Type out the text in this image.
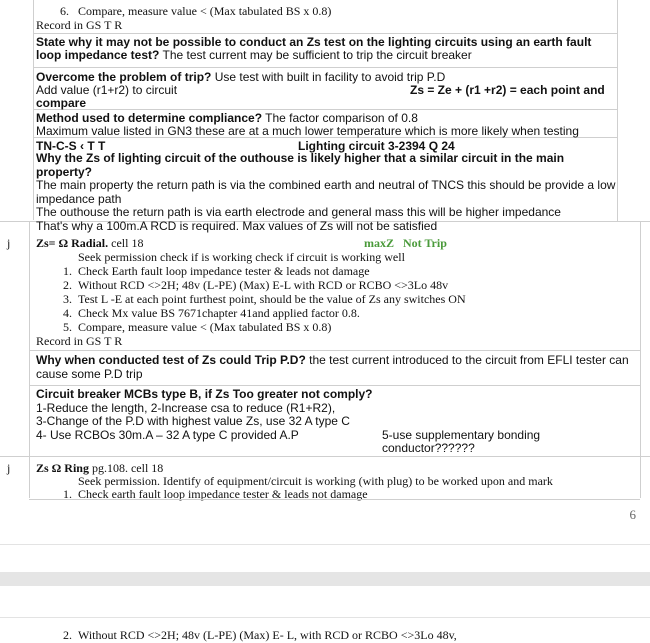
6. Compare, measure value < (Max tabulated BS x 0.8)
Record in GS T R
State why it may not be possible to conduct an Zs test on the lighting circuits using an earth fault loop impedance test? The test current may be sufficient to trip the circuit breaker
Overcome the problem of trip? Use test with built in facility to avoid trip P.D
Add value (r1+r2) to circuit	Zs = Ze + (r1 +r2) = each point and
compare
Method used to determine compliance? The factor comparison of 0.8
Maximum value listed in GN3 these are at a much lower temperature which is more likely when testing
TN-C-S ‹ T T	Lighting circuit 3-2394 Q 24
Why the Zs of lighting circuit of the outhouse is likely higher that a similar circuit in the main property?
The main property the return path is via the combined earth and neutral of TNCS this should be provide a low impedance path
The outhouse the return path is via earth electrode and general mass this will be higher impedance
That's why a 100m.A RCD is required. Max values of Zs will not be satisfied
j Zs= Ω Radial. cell 18	maxZ Not Trip
Seek permission check if is working check if circuit is working well
1. Check Earth fault loop impedance tester & leads not damage
2. Without RCD <>2H; 48v (L-PE) (Max) E-L with RCD or RCBO <>3Lo 48v
3. Test L -E at each point furthest point, should be the value of Zs any switches ON
4. Check Mx value BS 7671chapter 41and applied factor 0.8.
5. Compare, measure value < (Max tabulated BS x 0.8)
Record in GS T R
Why when conducted test of Zs could Trip P.D? the test current introduced to the circuit from EFLI tester can cause some P.D trip
Circuit breaker MCBs type B, if Zs Too greater not comply?
1-Reduce the length, 2-Increase csa to reduce (R1+R2),
3-Change of the P.D with highest value Zs, use 32 A type C
4- Use RCBOs 30m.A – 32 A type C provided A.P	5-use supplementary bonding conductor??????
j Zs Ω Ring pg.108. cell 18
Seek permission. Identify of equipment/circuit is working (with plug) to be worked upon and mark
1. Check earth fault loop impedance tester & leads not damage
6
2. Without RCD <>2H; 48v (L-PE) (Max) E- L, with RCD or RCBO <>3Lo 48v,
